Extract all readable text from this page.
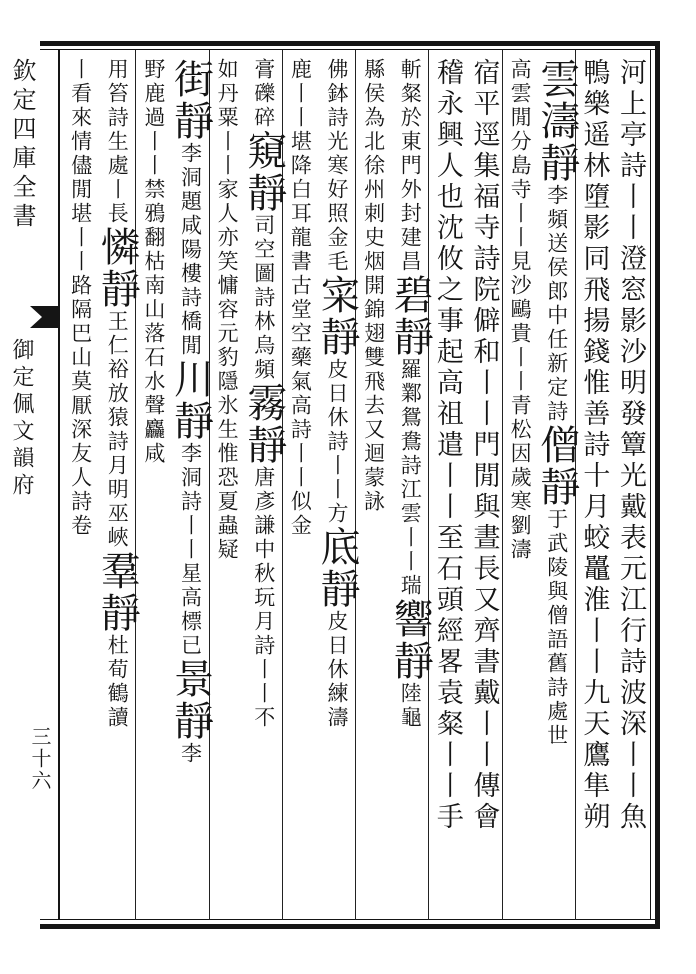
欽定四庫全書
御定佩文韻府
三十六	河上亭詩丨丨澄窓影沙明發簟光戴表元江行詩波深丨丨魚
鴨樂遥林墮影同飛揚錢惟善詩十月蛟鼉淮丨丨九天鷹隼朔
雲濤靜李頻送侯郎中任新定詩僧靜于武陵與僧語舊詩處世
高雲閒分島寺丨丨見沙鷗貴丨丨青松因歲寒劉濤
宿平逕集福寺詩院僻和丨丨門閒與晝長又齊書戴丨丨傳會
稽永興人也沈攸之事起高祖遣丨丨至石頭經畧袁粲丨丨手
斬粲於東門外封建昌碧靜羅鄴鴛鴦詩江雲丨丨瑞響靜陸龜
縣侯為北徐州刺史烟開錦翅雙飛去又迴蒙詠
佛鉢詩光寒好照金毛寀靜皮日休詩丨丨方底靜皮日休練濤
鹿丨丨堪降白耳龍書古堂空藥氣高詩丨丨似金
膏礫碎窺靜司空圖詩林烏頻霧靜唐彥謙中秋玩月詩丨丨不
如丹粟丨丨家人亦笑慵容元豹隱氷生惟恐夏蟲疑
街靜李洞題咸陽樓詩橋閒川靜李洞詩丨丨星高標已景靜李
野鹿過丨丨禁鴉翻枯南山落石水聲麤咸
用笞詩生處丨長憐靜王仁裕放猿詩月明巫峽羣靜杜荀鶴讀
丨看來情儘閒堪丨丨路隔巴山莫厭深友人詩卷
